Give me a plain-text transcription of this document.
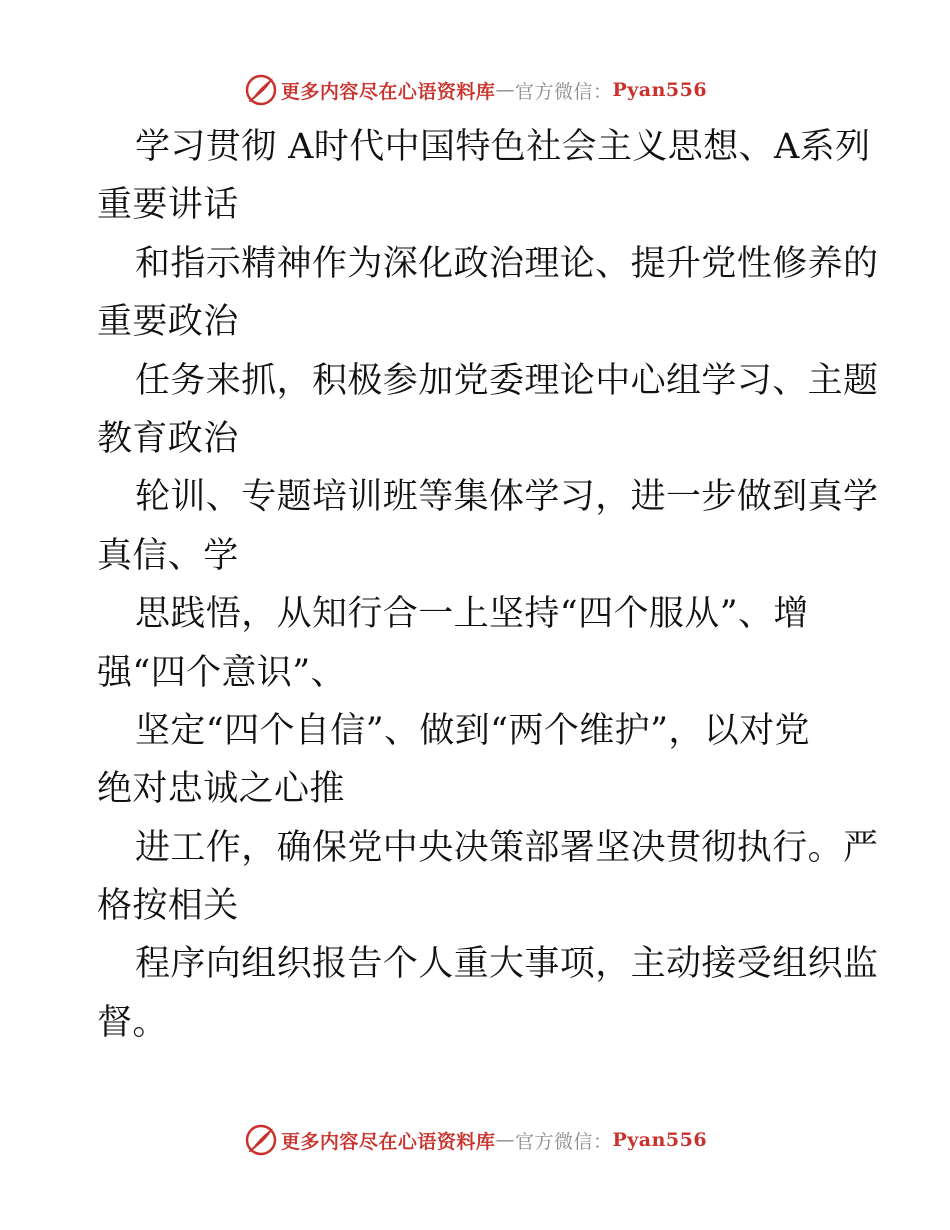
更多内容尽在心语资料库 — 官方微信： Pyan556
学习贯彻 A时代中国特色社会主义思想、A系列
重要讲话
和指示精神作为深化政治理论、提升党性修养的
重要政治
任务来抓，积极参加党委理论中心组学习、主题
教育政治
轮训、专题培训班等集体学习，进一步做到真学
真信、学
思践悟，从知行合一上坚持“四个服从”、增
强“四个意识”、
坚定“四个自信”、做到“两个维护”，以对党
绝对忠诚之心推
进工作，确保党中央决策部署坚决贯彻执行。严
格按相关
程序向组织报告个人重大事项，主动接受组织监
督。
更多内容尽在心语资料库 — 官方微信： Pyan556
